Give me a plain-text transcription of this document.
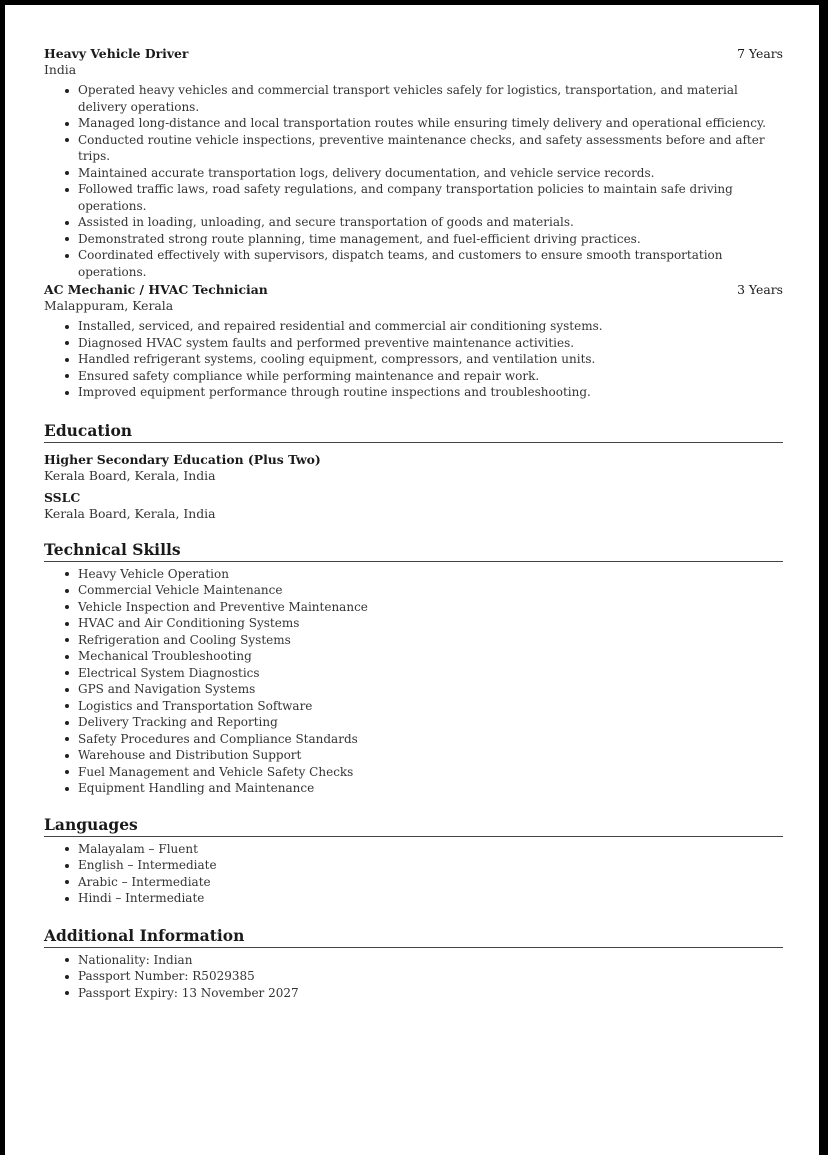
Heavy Vehicle Driver	7 Years
India
Operated heavy vehicles and commercial transport vehicles safely for logistics, transportation, and material delivery operations.
Managed long-distance and local transportation routes while ensuring timely delivery and operational efficiency.
Conducted routine vehicle inspections, preventive maintenance checks, and safety assessments before and after trips.
Maintained accurate transportation logs, delivery documentation, and vehicle service records.
Followed traffic laws, road safety regulations, and company transportation policies to maintain safe driving operations.
Assisted in loading, unloading, and secure transportation of goods and materials.
Demonstrated strong route planning, time management, and fuel-efficient driving practices.
Coordinated effectively with supervisors, dispatch teams, and customers to ensure smooth transportation operations.
AC Mechanic / HVAC Technician	3 Years
Malappuram, Kerala
Installed, serviced, and repaired residential and commercial air conditioning systems.
Diagnosed HVAC system faults and performed preventive maintenance activities.
Handled refrigerant systems, cooling equipment, compressors, and ventilation units.
Ensured safety compliance while performing maintenance and repair work.
Improved equipment performance through routine inspections and troubleshooting.
Education
Higher Secondary Education (Plus Two)
Kerala Board, Kerala, India
SSLC
Kerala Board, Kerala, India
Technical Skills
Heavy Vehicle Operation
Commercial Vehicle Maintenance
Vehicle Inspection and Preventive Maintenance
HVAC and Air Conditioning Systems
Refrigeration and Cooling Systems
Mechanical Troubleshooting
Electrical System Diagnostics
GPS and Navigation Systems
Logistics and Transportation Software
Delivery Tracking and Reporting
Safety Procedures and Compliance Standards
Warehouse and Distribution Support
Fuel Management and Vehicle Safety Checks
Equipment Handling and Maintenance
Languages
Malayalam – Fluent
English – Intermediate
Arabic – Intermediate
Hindi – Intermediate
Additional Information
Nationality: Indian
Passport Number: R5029385
Passport Expiry: 13 November 2027
